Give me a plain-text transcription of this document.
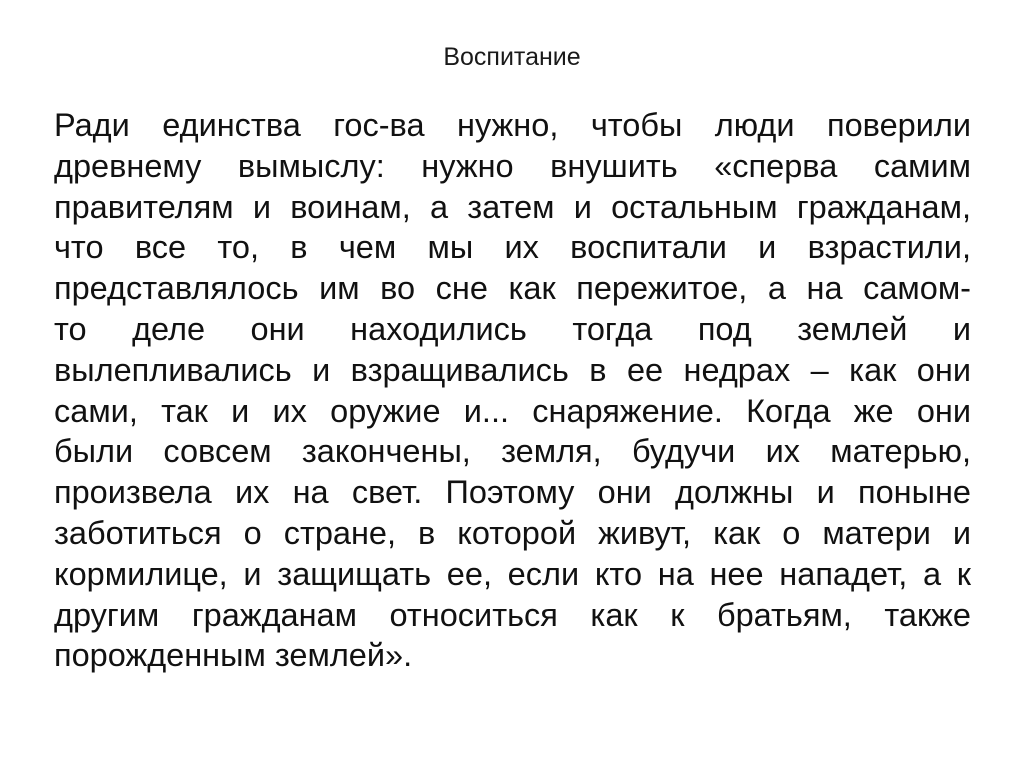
Воспитание
Ради единства гос-ва нужно, чтобы люди поверили
древнему вымыслу: нужно внушить «сперва самим
правителям и воинам, а затем и остальным гражданам,
что все то, в чем мы их воспитали и взрастили,
представлялось им во сне как пережитое, а на самом-
то деле они находились тогда под землей и
вылепливались и взращивались в ее недрах – как они
сами, так и их оружие и... снаряжение. Когда же они
были совсем закончены, земля, будучи их матерью,
произвела их на свет. Поэтому они должны и поныне
заботиться о стране, в которой живут, как о матери и
кормилице, и защищать ее, если кто на нее нападет, а к
другим гражданам относиться как к братьям, также
порожденным землей».
